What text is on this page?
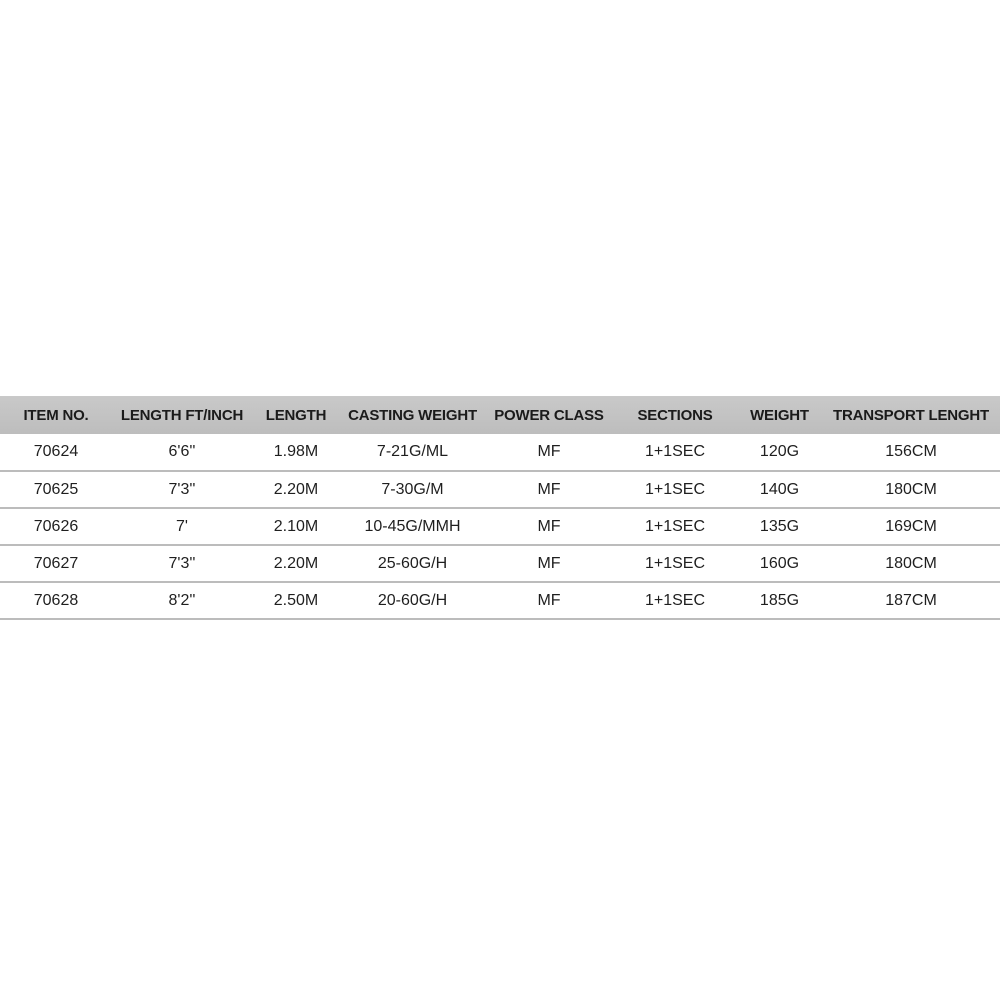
ITEM NO.	LENGTH FT/INCH	LENGTH	CASTING WEIGHT	POWER CLASS	SECTIONS	WEIGHT	TRANSPORT LENGHT
70624	6'6''	1.98M	7-21G/ML	MF	1+1SEC	120G	156CM
70625	7'3''	2.20M	7-30G/M	MF	1+1SEC	140G	180CM
70626	7'	2.10M	10-45G/MMH	MF	1+1SEC	135G	169CM
70627	7'3''	2.20M	25-60G/H	MF	1+1SEC	160G	180CM
70628	8'2''	2.50M	20-60G/H	MF	1+1SEC	185G	187CM
